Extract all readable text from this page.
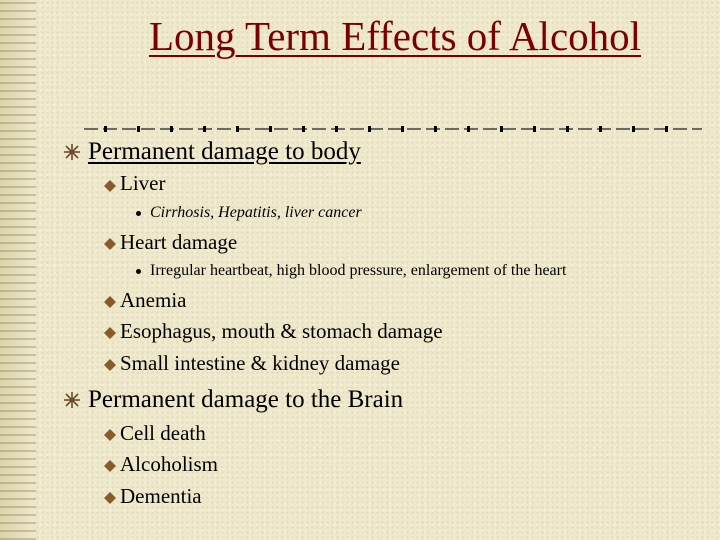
Long Term Effects of Alcohol
Permanent damage to body
Liver
Cirrhosis, Hepatitis, liver cancer
Heart damage
Irregular heartbeat, high blood pressure, enlargement of the heart
Anemia
Esophagus, mouth & stomach damage
Small intestine & kidney damage
Permanent damage to the Brain
Cell death
Alcoholism
Dementia
